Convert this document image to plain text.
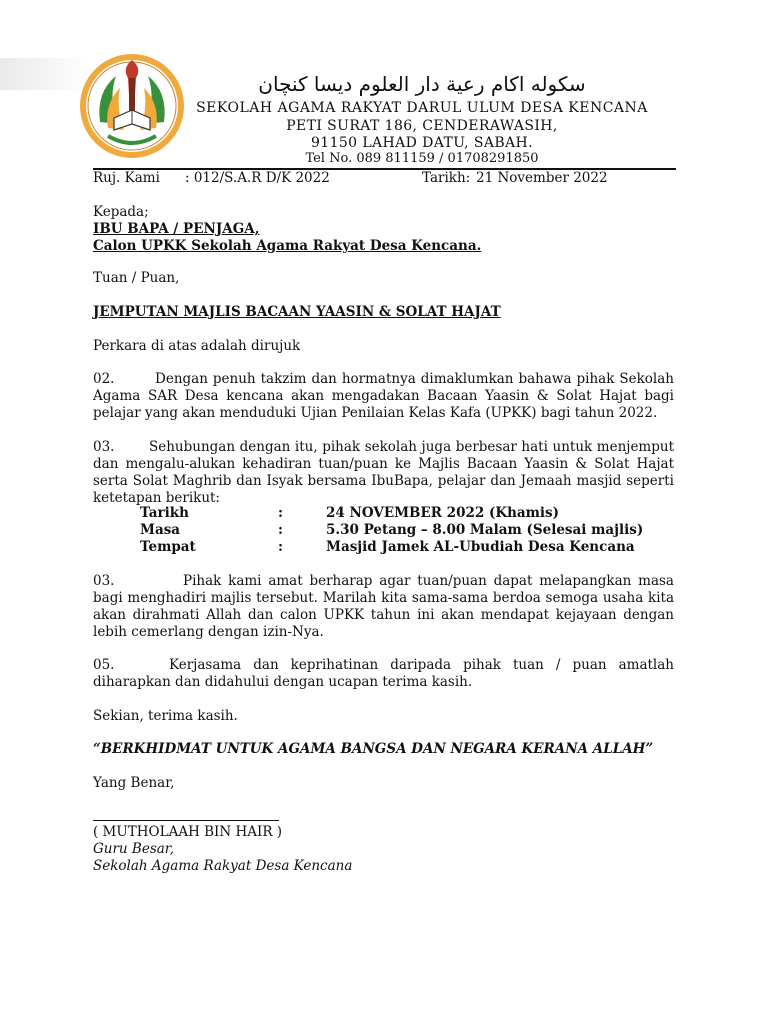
سكوله اكام رعية دار العلوم ديسا كنچان
SEKOLAH AGAMA RAKYAT DARUL ULUM DESA KENCANA
PETI SURAT 186, CENDERAWASIH,
91150 LAHAD DATU, SABAH.
Tel No. 089 811159 / 01708291850
Ruj. Kami : 012/S.A.R D/K 2022	Tarikh: 21 November 2022
Kepada;
IBU BAPA / PENJAGA,
Calon UPKK Sekolah Agama Rakyat Desa Kencana.
Tuan / Puan,
JEMPUTAN MAJLIS BACAAN YAASIN & SOLAT HAJAT
Perkara di atas adalah dirujuk
02.	Dengan penuh takzim dan hormatnya dimaklumkan bahawa pihak Sekolah Agama SAR Desa kencana akan mengadakan Bacaan Yaasin & Solat Hajat bagi pelajar yang akan menduduki Ujian Penilaian Kelas Kafa (UPKK) bagi tahun 2022.
03.	Sehubungan dengan itu, pihak sekolah juga berbesar hati untuk menjemput dan mengalu-alukan kehadiran tuan/puan ke Majlis Bacaan Yaasin & Solat Hajat serta Solat Maghrib dan Isyak bersama IbuBapa, pelajar dan Jemaah masjid seperti ketetapan berikut:
Tarikh	:	24 NOVEMBER 2022 (Khamis)
Masa	:	5.30 Petang – 8.00 Malam (Selesai majlis)
Tempat	:	Masjid Jamek AL-Ubudiah Desa Kencana
03.	Pihak kami amat berharap agar tuan/puan dapat melapangkan masa bagi menghadiri majlis tersebut. Marilah kita sama-sama berdoa semoga usaha kita akan dirahmati Allah dan calon UPKK tahun ini akan mendapat kejayaan dengan lebih cemerlang dengan izin-Nya.
05.	Kerjasama dan keprihatinan daripada pihak tuan / puan amatlah diharapkan dan didahului dengan ucapan terima kasih.
Sekian, terima kasih.
“BERKHIDMAT UNTUK AGAMA BANGSA DAN NEGARA KERANA ALLAH”
Yang Benar,
( MUTHOLAAH BIN HAIR )
Guru Besar,
Sekolah Agama Rakyat Desa Kencana
